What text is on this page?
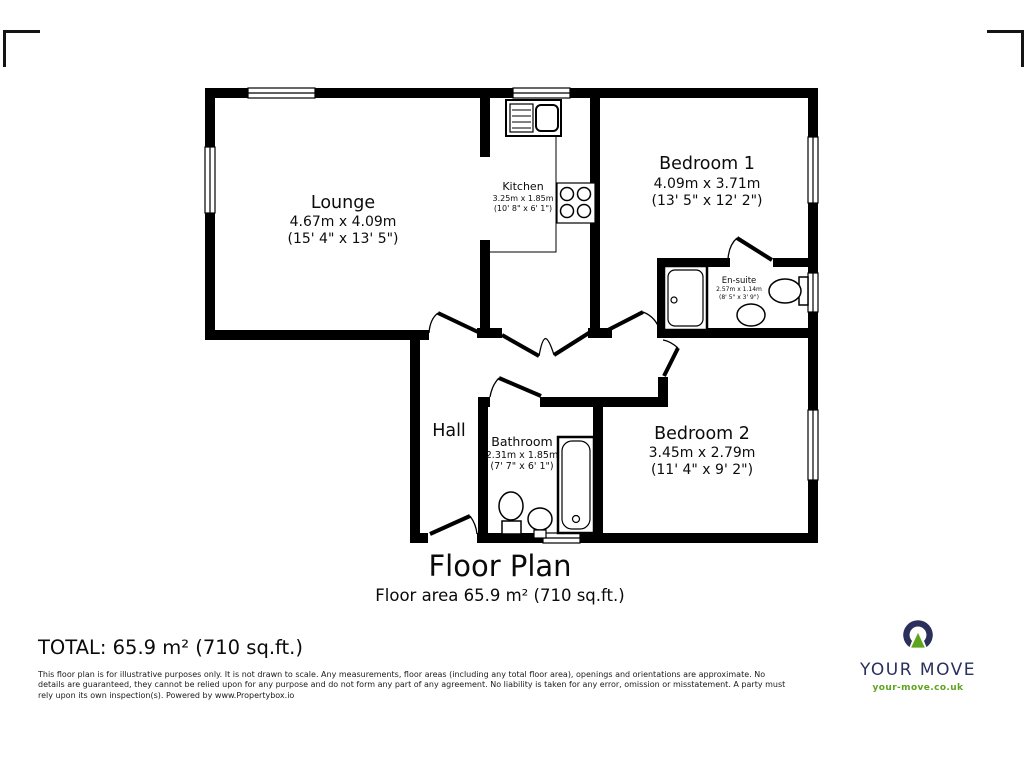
Lounge
4.67m x 4.09m
(15' 4" x 13' 5")
Kitchen
3.25m x 1.85m
(10' 8" x 6' 1")
Bedroom 1
4.09m x 3.71m
(13' 5" x 12' 2")
En-suite
2.57m x 1.14m
(8' 5" x 3' 9")
Hall
Bathroom
2.31m x 1.85m
(7' 7" x 6' 1")
Bedroom 2
3.45m x 2.79m
(11' 4" x 9' 2")
Floor Plan
Floor area 65.9 m² (710 sq.ft.)
TOTAL: 65.9 m² (710 sq.ft.)
This floor plan is for illustrative purposes only. It is not drawn to scale. Any measurements, floor areas (including any total floor area), openings and orientations are approximate. No
details are guaranteed, they cannot be relied upon for any purpose and do not form any part of any agreement. No liability is taken for any error, omission or misstatement. A party must
rely upon its own inspection(s). Powered by www.Propertybox.io
YOUR MOVE
your-move.co.uk
